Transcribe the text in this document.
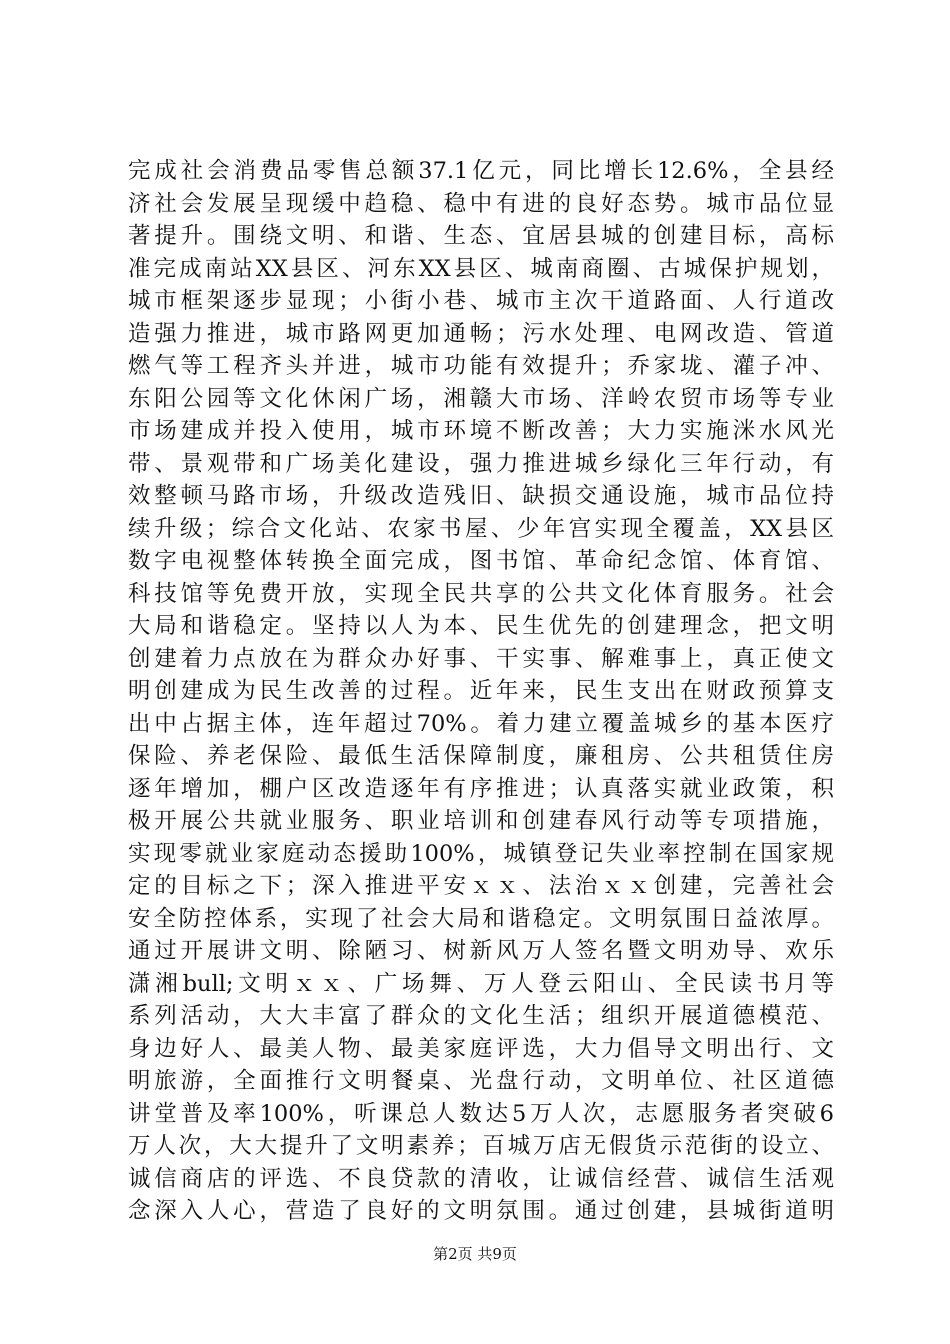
完成社会消费品零售总额37.1亿元，同比增长12.6%，全县经
济社会发展呈现缓中趋稳、稳中有进的良好态势。城市品位显
著提升。围绕文明、和谐、生态、宜居县城的创建目标，高标
准完成南站XX县区、河东XX县区、城南商圈、古城保护规划，
城市框架逐步显现；小街小巷、城市主次干道路面、人行道改
造强力推进，城市路网更加通畅；污水处理、电网改造、管道
燃气等工程齐头并进，城市功能有效提升；乔家垅、灌子冲、
东阳公园等文化休闲广场，湘赣大市场、洋岭农贸市场等专业
市场建成并投入使用，城市环境不断改善；大力实施洣水风光
带、景观带和广场美化建设，强力推进城乡绿化三年行动，有
效整顿马路市场，升级改造残旧、缺损交通设施，城市品位持
续升级；综合文化站、农家书屋、少年宫实现全覆盖，XX县区
数字电视整体转换全面完成，图书馆、革命纪念馆、体育馆、
科技馆等免费开放，实现全民共享的公共文化体育服务。社会
大局和谐稳定。坚持以人为本、民生优先的创建理念，把文明
创建着力点放在为群众办好事、干实事、解难事上，真正使文
明创建成为民生改善的过程。近年来，民生支出在财政预算支
出中占据主体，连年超过70%。着力建立覆盖城乡的基本医疗
保险、养老保险、最低生活保障制度，廉租房、公共租赁住房
逐年增加，棚户区改造逐年有序推进；认真落实就业政策，积
极开展公共就业服务、职业培训和创建春风行动等专项措施，
实现零就业家庭动态援助100%，城镇登记失业率控制在国家规
定的目标之下；深入推进平安ｘｘ、法治ｘｘ创建，完善社会
安全防控体系，实现了社会大局和谐稳定。文明氛围日益浓厚。
通过开展讲文明、除陋习、树新风万人签名暨文明劝导、欢乐
潇湘bull;文明ｘｘ、广场舞、万人登云阳山、全民读书月等
系列活动，大大丰富了群众的文化生活；组织开展道德模范、
身边好人、最美人物、最美家庭评选，大力倡导文明出行、文
明旅游，全面推行文明餐桌、光盘行动，文明单位、社区道德
讲堂普及率100%，听课总人数达5万人次，志愿服务者突破6
万人次，大大提升了文明素养；百城万店无假货示范街的设立、
诚信商店的评选、不良贷款的清收，让诚信经营、诚信生活观
念深入人心，营造了良好的文明氛围。通过创建，县城街道明
第2页 共9页
